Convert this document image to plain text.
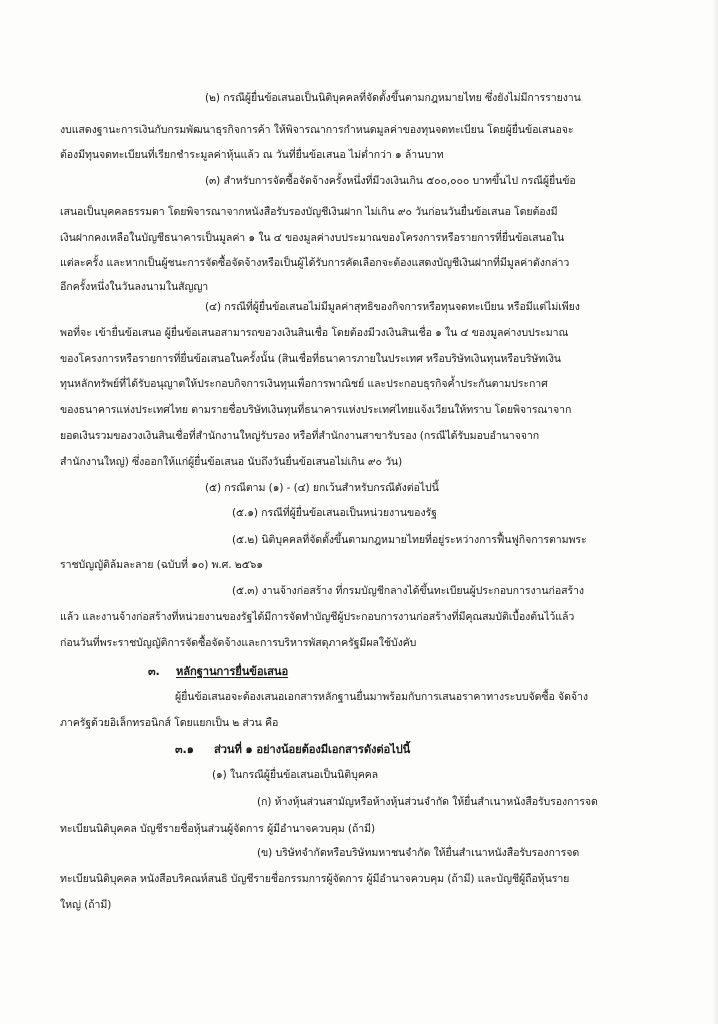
(๒) กรณีผู้ยื่นข้อเสนอเป็นนิติบุคคลที่จัดตั้งขึ้นตามกฎหมายไทย ซึ่งยังไม่มีการรายงาน
งบแสดงฐานะการเงินกับกรมพัฒนาธุรกิจการค้า ให้พิจารณาการกำหนดมูลค่าของทุนจดทะเบียน โดยผู้ยื่นข้อเสนอจะ
ต้องมีทุนจดทะเบียนที่เรียกชำระมูลค่าหุ้นแล้ว ณ วันที่ยื่นข้อเสนอ ไม่ต่ำกว่า ๑ ล้านบาท
(๓) สำหรับการจัดซื้อจัดจ้างครั้งหนึ่งที่มีวงเงินเกิน ๕๐๐,๐๐๐ บาทขึ้นไป กรณีผู้ยื่นข้อ
เสนอเป็นบุคคลธรรมดา โดยพิจารณาจากหนังสือรับรองบัญชีเงินฝาก ไม่เกิน ๙๐ วันก่อนวันยื่นข้อเสนอ โดยต้องมี
เงินฝากคงเหลือในบัญชีธนาคารเป็นมูลค่า ๑ ใน ๔ ของมูลค่างบประมาณของโครงการหรือรายการที่ยื่นข้อเสนอใน
แต่ละครั้ง และหากเป็นผู้ชนะการจัดซื้อจัดจ้างหรือเป็นผู้ได้รับการคัดเลือกจะต้องแสดงบัญชีเงินฝากที่มีมูลค่าดังกล่าว
อีกครั้งหนึ่งในวันลงนามในสัญญา
(๔) กรณีที่ผู้ยื่นข้อเสนอไม่มีมูลค่าสุทธิของกิจการหรือทุนจดทะเบียน หรือมีแต่ไม่เพียง
พอที่จะ เข้ายื่นข้อเสนอ ผู้ยื่นข้อเสนอสามารถขอวงเงินสินเชื่อ โดยต้องมีวงเงินสินเชื่อ ๑ ใน ๔ ของมูลค่างบประมาณ
ของโครงการหรือรายการที่ยื่นข้อเสนอในครั้งนั้น (สินเชื่อที่ธนาคารภายในประเทศ หรือบริษัทเงินทุนหรือบริษัทเงิน
ทุนหลักทรัพย์ที่ได้รับอนุญาตให้ประกอบกิจการเงินทุนเพื่อการพาณิชย์ และประกอบธุรกิจค้ำประกันตามประกาศ
ของธนาคารแห่งประเทศไทย ตามรายชื่อบริษัทเงินทุนที่ธนาคารแห่งประเทศไทยแจ้งเวียนให้ทราบ โดยพิจารณาจาก
ยอดเงินรวมของวงเงินสินเชื่อที่สำนักงานใหญ่รับรอง หรือที่สำนักงานสาขารับรอง (กรณีได้รับมอบอำนาจจาก
สำนักงานใหญ่) ซึ่งออกให้แก่ผู้ยื่นข้อเสนอ นับถึงวันยื่นข้อเสนอไม่เกิน ๙๐ วัน)
(๕) กรณีตาม (๑) - (๔) ยกเว้นสำหรับกรณีดังต่อไปนี้
(๕.๑) กรณีที่ผู้ยื่นข้อเสนอเป็นหน่วยงานของรัฐ
(๕.๒) นิติบุคคลที่จัดตั้งขึ้นตามกฎหมายไทยที่อยู่ระหว่างการฟื้นฟูกิจการตามพระ
ราชบัญญัติล้มละลาย (ฉบับที่ ๑๐) พ.ศ. ๒๕๖๑
(๕.๓) งานจ้างก่อสร้าง ที่กรมบัญชีกลางได้ขึ้นทะเบียนผู้ประกอบการงานก่อสร้าง
แล้ว และงานจ้างก่อสร้างที่หน่วยงานของรัฐได้มีการจัดทำบัญชีผู้ประกอบการงานก่อสร้างที่มีคุณสมบัติเบื้องต้นไว้แล้ว
ก่อนวันที่พระราชบัญญัติการจัดซื้อจัดจ้างและการบริหารพัสดุภาครัฐมีผลใช้บังคับ
๓. หลักฐานการยื่นข้อเสนอ
ผู้ยื่นข้อเสนอจะต้องเสนอเอกสารหลักฐานยื่นมาพร้อมกับการเสนอราคาทางระบบจัดซื้อ จัดจ้าง
ภาครัฐด้วยอิเล็กทรอนิกส์ โดยแยกเป็น ๒ ส่วน คือ
๓.๑ ส่วนที่ ๑ อย่างน้อยต้องมีเอกสารดังต่อไปนี้
(๑) ในกรณีผู้ยื่นข้อเสนอเป็นนิติบุคคล
(ก) ห้างหุ้นส่วนสามัญหรือห้างหุ้นส่วนจำกัด ให้ยื่นสำเนาหนังสือรับรองการจด
ทะเบียนนิติบุคคล บัญชีรายชื่อหุ้นส่วนผู้จัดการ ผู้มีอำนาจควบคุม (ถ้ามี)
(ข) บริษัทจำกัดหรือบริษัทมหาชนจำกัด ให้ยื่นสำเนาหนังสือรับรองการจด
ทะเบียนนิติบุคคล หนังสือบริคณห์สนธิ บัญชีรายชื่อกรรมการผู้จัดการ ผู้มีอำนาจควบคุม (ถ้ามี) และบัญชีผู้ถือหุ้นราย
ใหญ่ (ถ้ามี)
